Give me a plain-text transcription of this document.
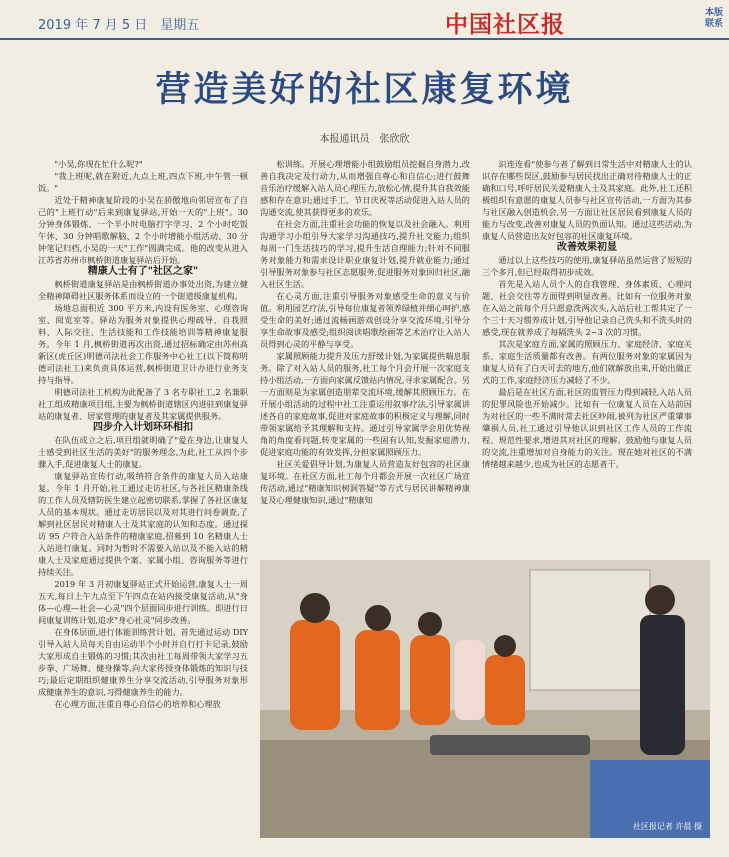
2019 年 7 月 5 日　星期五	中国社区报	本版
联系
营造美好的社区康复环境
本报通讯员　张欣欣

"小吴,你现在忙什么呢?"

"我上班呢,就在附近,九点上班,四点下班,中午管一顿饭。"

近处于精神康复阶段的小吴在骄傲地向邻居宣布了自己的"上班行动"后来到康复驿站,开始一天的"上班"。30 分钟身体锻炼、一个半小时电脑打字学习、2 个小时吃饭午休、30 分钟唱歌解脑、2 个小时增能小组活动、30 分钟笔记归档,小吴的一天"工作"圆满完成。他的改变从进入江苏省苏州市枫桥街道康复驿站后开始。

精康人士有了"社区之家"

枫桥街道康复驿站是由枫桥街道办事处出资,为建立健全精神障碍社区服务体系而设立的一个街道级康复机构。

场地总面积近 300 平方米,内设有医务室、心理咨询室、阅览室等。驿站为服务对象提供心理疏导、自我照料、人际交往、生活技能和工作技能培训等精神康复服务。今年 1 月,枫桥街道再次出资,通过招标确定由苏州高新区(虎丘区)明德司法社会工作服务中心社工(以下简称明德司法社工)来负责具体运营,枫桥街道卫计办进行业务支持与指导。

明德司法社工机构为此配备了 3 名专职社工,2 名兼职社工组成精康项目组,主要为枫桥街道辖区内进驻到康复驿站的康复者、居家管理的康复者及其家属提供服务。

四步介入计划环环相扣

在队伍成立之后,项目组就明确了"爱在身边,让康复人士感受到社区生活的美好"的服务理念,为此,社工从四个步骤入手,促进康复人士的康复。

康复驿站宣传行动,吸纳符合条件的康复人员入站康复。今年 1 月开始,社工通过走访社区,与各社区精康条线的工作人员及辖防医生建立起密切联系,掌握了各社区康复人员的基本现状。通过走访居民以及对其进行问卷调查,了解到社区居民对精康人士及其家庭的认知和态度。通过探访 95 户符合入站条件的精康家庭,招募到 10 名精康人士入站进行康复。同时为暂时不需要入站以及不能入站的精康人士及家庭通过提供个案、家属小组、咨询服务等进行持续关注。

2019 年 3 月初康复驿站正式开始运营,康复人士一周五天,每日上午九点至下午四点在站内接受康复活动,从"身体—心理—社会—心灵"四个层面同步进行训练。即进行日间康复训练计划,追求"身心社灵"同步改善。

在身体层面,进行体能训练营计划。首先通过运动 DIY 引导入站人员每天自由运动半个小时并自行打卡记录,鼓励大家形成自主锻炼的习惯;其次由社工每周带领大家学习五步拳、广场舞、健身操等,向大家传授身体锻炼的知识与技巧;最后定期组织健康养生分享交流活动,引导服务对象形成健康养生的意识,习得健康养生的能力。

在心理方面,注重自尊心自信心的培养和心理放

松训练。开展心理增能小组鼓励组员挖掘自身潜力,改善自我决定及行动力,从而增强自尊心和自信心;进行鼓舞音乐治疗缓解入站人员心理压力,放松心情,提升其自我效能感和存在意识;通过手工、节日庆祝等活动促进入站人员的沟通交流,使其获得更多的欢乐。

在社会方面,注重社会功能的恢复以及社会融入。利用沟通学习小组引导大家学习沟通技巧,提升社交能力;组织每周一门生活技巧的学习,提升生活自理能力;针对不同服务对象能力和需求设计职业康复计划,提升就业能力;通过引导服务对象参与社区志愿服务,促进服务对象回归社区,融入社区生活。

在心灵方面,注重引导服务对象感受生命的意义与价值。利用园艺疗法,引导每位康复者领养绿植并细心呵护,感受生命的美好;通过流畅画游戏创设分享交流环境,引导分享生命故事及感受;组织阅读唱歌绘画等艺术治疗让入站人员得到心灵的平静与享受。

家属照顾能力提升及压力舒缓计划,为家属提供喘息服务。除了对入站人员的服务,社工每个月会开展一次家庭支持小组活动,一方面向家属反馈站内情况,寻求家属配合。另一方面则是为家属创造朋辈交流环境,缓解其照顾压力。在开展小组活动的过程中社工注重运用叙事疗法,引导家属讲述各自的家庭故事,促进对家庭故事的积极定义与理解,同时带领家属给予其理解和支持。通过引导家属学会用优势视角的角度看问题,转变家属的一些固有认知,发掘家庭潜力,促进家庭功能的有效发挥,分担家属照顾压力。

社区关爱倡导计划,为康复人员营造友好包容的社区康复环境。在社区方面,社工每个月都会开展一次社区广场宣传活动,通过"精康知识树洞答疑"等方式与居民讲解精神康复及心理健康知识,通过"精康知

识连连看"使参与者了解到日常生活中对精康人士的认识存在哪些误区,鼓励参与居民找出正确对待精康人士的正确和口号,呼吁居民关爱精康人士及其家庭。此外,社工还积极组织有意愿的康复人员参与社区宣传活动,一方面为其参与社区融入创造机会,另一方面让社区居民看到康复人员的能力与改变,改善对康复人员的负面认知。通过这些活动,为康复人员营造出友好包容的社区康复环境。

改善效果初显

通过以上这些技巧的使用,康复驿站虽然运营了短短的三个多月,但已经取得初步成效。

首先是入站人员个人的自我管理、身体素质、心理问题、社会交往等方面得到明显改善。比如有一位服务对象在入站之前每个月只愿意洗两次头,入站后社工帮其定了一个三十天习惯养成计划,引导他记录自己洗头和不洗头时的感受,现在就养成了每隔洗头 2~3 次的习惯。

其次是家庭方面,家属的照顾压力、家庭经济、家庭关系、家庭生活质量都有改善。有两位服务对象的家属因为康复人员有了白天可去的地方,他们就解放出来,开始出做正式的工作,家庭经济压力减轻了不少。

最后是在社区方面,社区的监管压力得到减轻,入站人员的犯罪风险也开始减少。比如有一位康复人员在入站前因为对社区的一些不满时常去社区吵闹,被列为社区严重肇事肇祸人员,社工通过引导他认识到社区工作人员的工作流程、规范性要求,增进其对社区的理解。鼓励他与康复人员的交流,注重增加对自身能力的关注。现在她对社区的不满情绪越来越少,也成为社区的志愿者干。

社区报记者 许晨 摄
